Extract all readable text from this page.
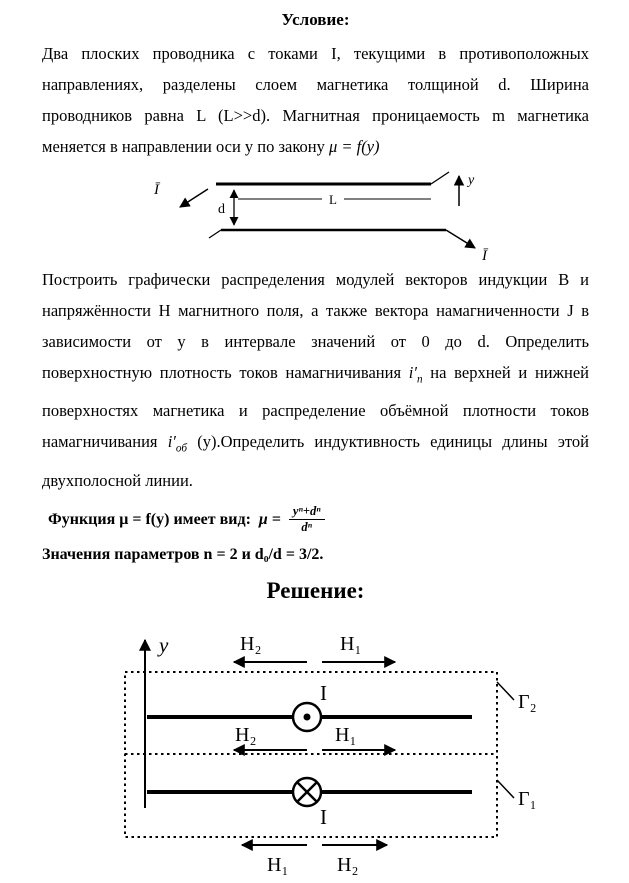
Условие:

Два плоских проводника с токами I, текущими в противоположных направлениях, разделены слоем магнетика толщиной d. Ширина проводников равна L (L>>d). Магнитная проницаемость m магнетика меняется в направлении оси y по закону μ = f(y)

Ī
L
y
d
Ī

Построить графически распределения модулей векторов индукции B и напряжённости H магнитного поля, а также вектора намагниченности J в зависимости от y в интервале значений от 0 до d. Определить поверхностную плотность токов намагничивания $i'_n$ на верхней и нижней поверхностях магнетика и распределение объёмной плотности токов намагничивания $i'_{об}$ (y).Определить индуктивность единицы длины этой двухполосной линии.

Функция μ = f(y) имеет вид: $\mu = \frac{\text{yⁿ+dⁿ}}{\text{dⁿ}}$
Значения параметров n = 2 и d₀/d = 3/2.
Решение:
y	H₂	H₁
I
H₂	H₁
I
Г₂
Г₁
H₁ H₂
